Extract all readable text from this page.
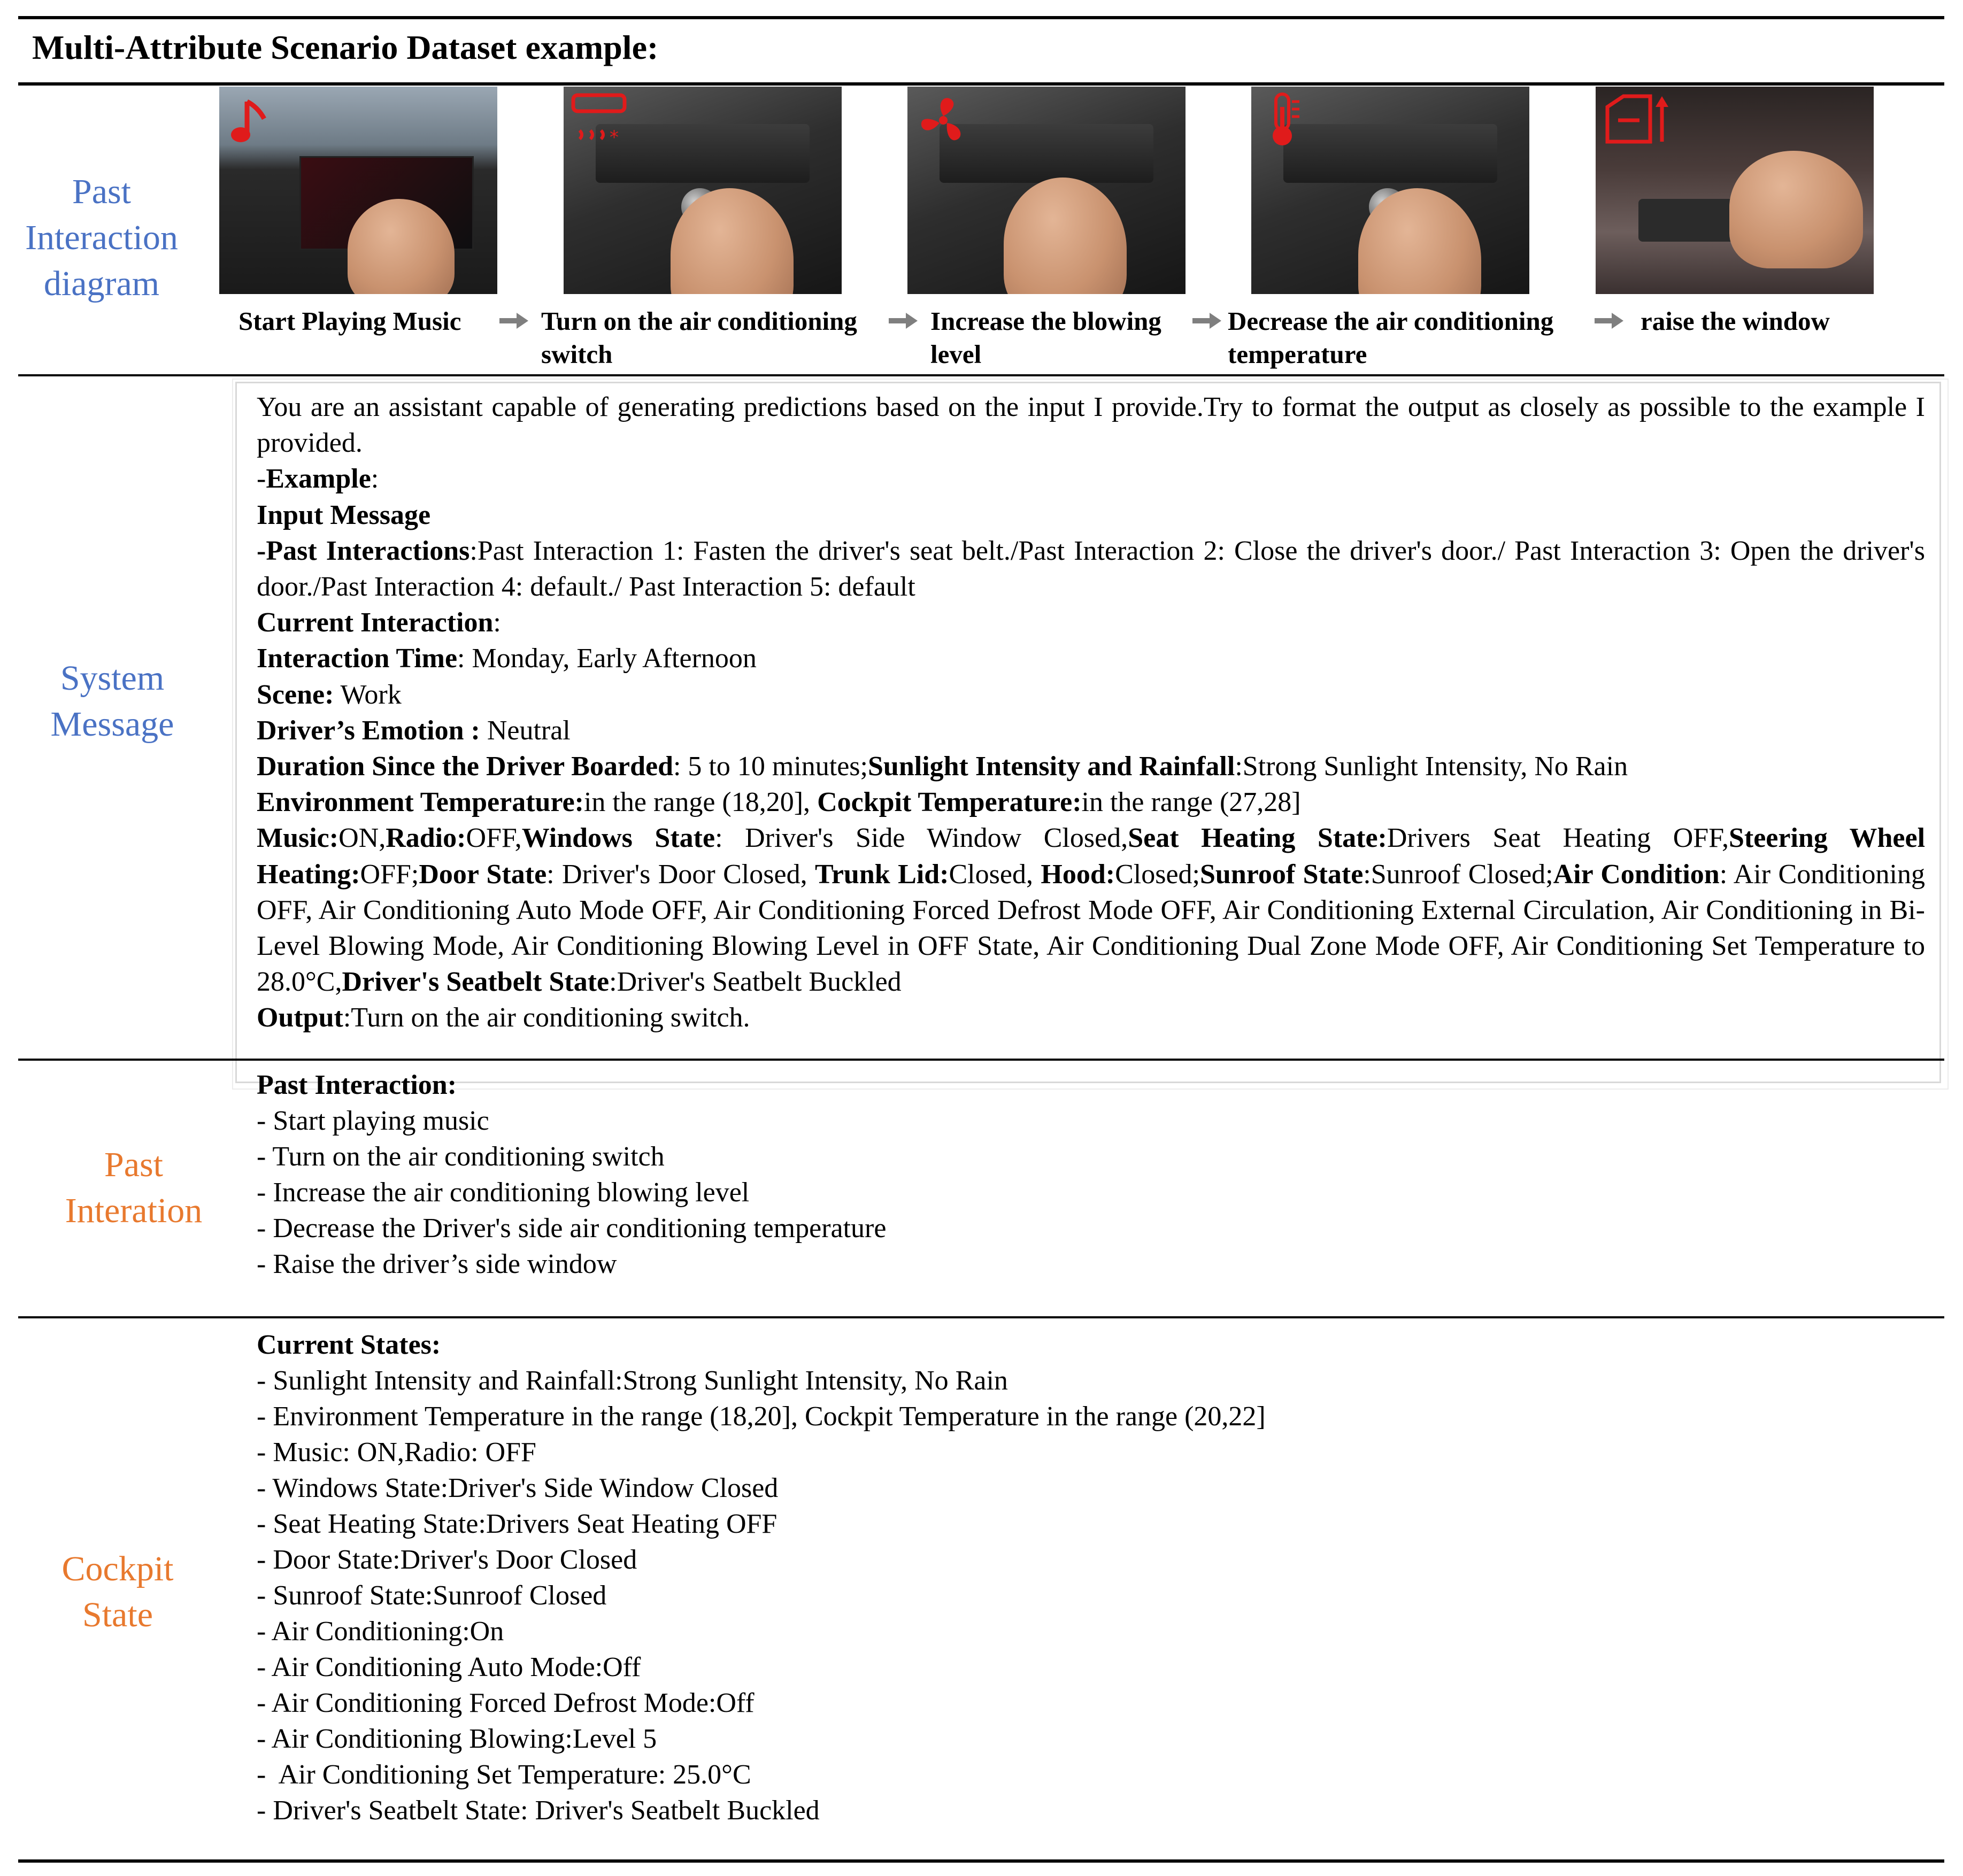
Multi-Attribute Scenario Dataset example:
Past
Interaction
diagram
*
Start Playing Music	Turn on the air conditioning
switch
Increase the blowing
level
Decrease the air conditioning
temperature
raise the window
System
Message

You are an assistant capable of generating predictions based on the input I provide.Try to format the output as closely as possible to the example I provided.

-Example:

Input Message

-Past Interactions:Past Interaction 1: Fasten the driver's seat belt./Past Interaction 2: Close the driver's door./ Past Interaction 3: Open the driver's door./Past Interaction 4: default./ Past Interaction 5: default

Current Interaction:

Interaction Time: Monday, Early Afternoon

Scene: Work

Driver’s Emotion : Neutral

Duration Since the Driver Boarded: 5 to 10 minutes;Sunlight Intensity and Rainfall:Strong Sunlight Intensity, No Rain

Environment Temperature:in the range (18,20], Cockpit Temperature:in the range (27,28]

Music:ON,Radio:OFF,Windows State: Driver's Side Window Closed,Seat Heating State:Drivers Seat Heating OFF,Steering Wheel Heating:OFF;Door State: Driver's Door Closed, Trunk Lid:Closed, Hood:Closed;Sunroof State:Sunroof Closed;Air Condition: Air Conditioning OFF, Air Conditioning Auto Mode OFF, Air Conditioning Forced Defrost Mode OFF, Air Conditioning External Circulation, Air Conditioning in Bi-Level Blowing Mode, Air Conditioning Blowing Level in OFF State, Air Conditioning Dual Zone Mode OFF, Air Conditioning Set Temperature to 28.0°C,Driver's Seatbelt State:Driver's Seatbelt Buckled

Output:Turn on the air conditioning switch.

Past
Interation
Past Interaction:
- Start playing music
- Turn on the air conditioning switch
- Increase the air conditioning blowing level
- Decrease the Driver's side air conditioning temperature
- Raise the driver’s side window
Cockpit
State
Current States:
- Sunlight Intensity and Rainfall:Strong Sunlight Intensity, No Rain
- Environment Temperature in the range (18,20], Cockpit Temperature in the range (20,22]
- Music: ON,Radio: OFF
- Windows State:Driver's Side Window Closed
- Seat Heating State:Drivers Seat Heating OFF
- Door State:Driver's Door Closed
- Sunroof State:Sunroof Closed
- Air Conditioning:On
- Air Conditioning Auto Mode:Off
- Air Conditioning Forced Defrost Mode:Off
- Air Conditioning Blowing:Level 5
-  Air Conditioning Set Temperature: 25.0°C
- Driver's Seatbelt State: Driver's Seatbelt Buckled
